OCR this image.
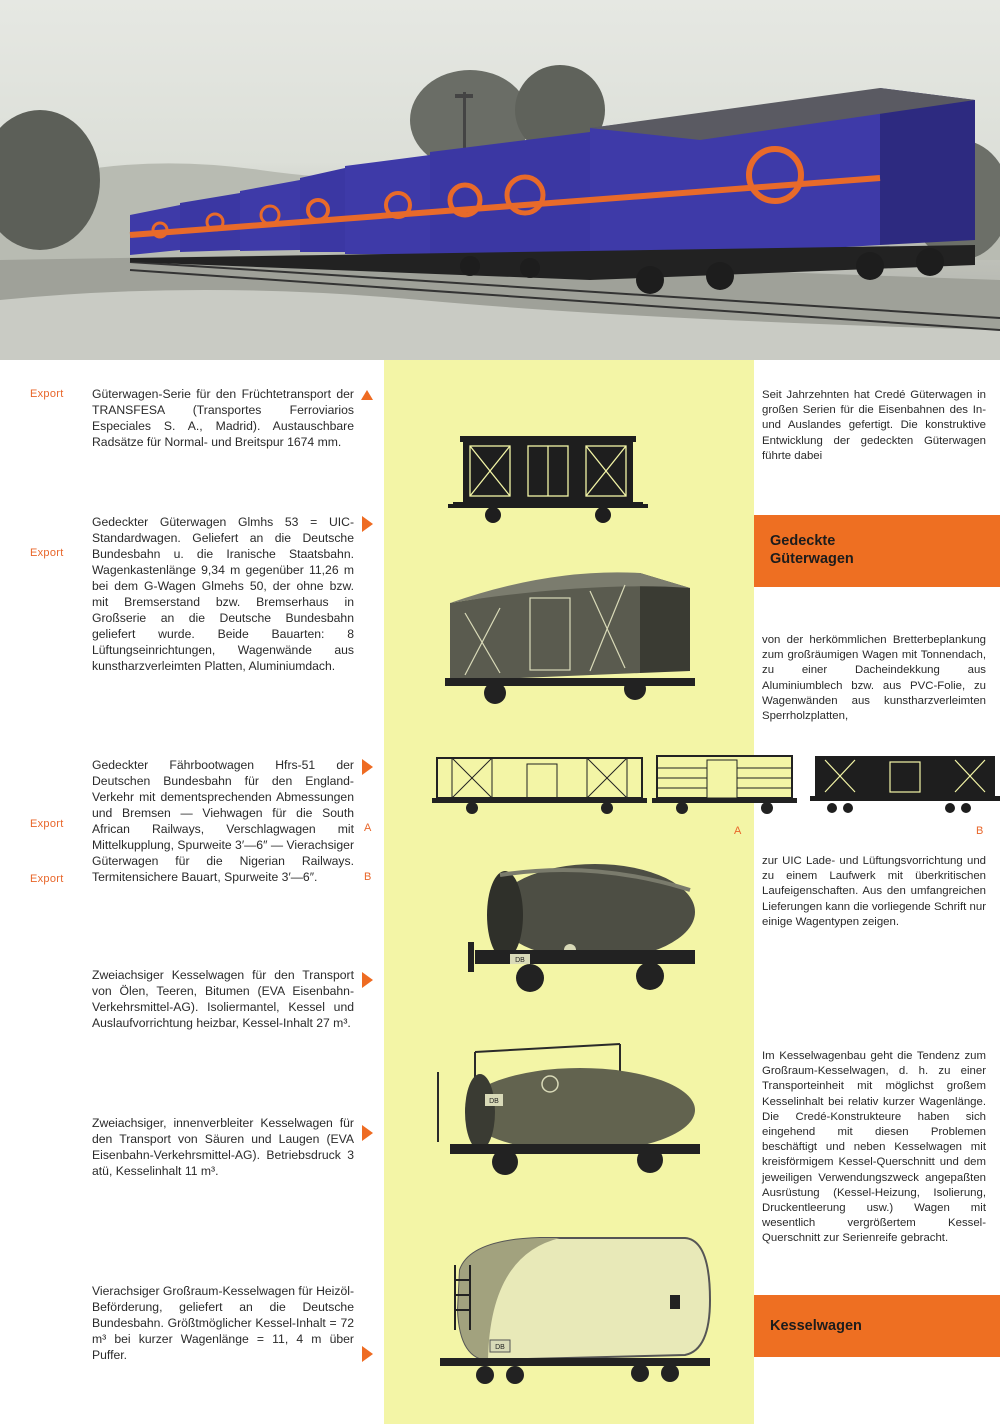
Export
Export
Export
Export
Güterwagen-Serie für den Früchtetransport der TRANSFESA (Transportes Ferroviarios Especiales S. A., Madrid). Austauschbare Radsätze für Normal- und Breitspur 1674 mm.
Gedeckter Güterwagen Glmhs 53 = UIC-Standardwagen. Geliefert an die Deutsche Bundesbahn u. die Iranische Staatsbahn. Wagenkastenlänge 9,34 m gegenüber 11,26 m bei dem G-Wagen Glmehs 50, der ohne bzw. mit Bremserstand bzw. Bremserhaus in Großserie an die Deutsche Bundesbahn geliefert wurde. Beide Bauarten: 8 Lüftungseinrichtungen, Wagenwände aus kunstharzverleimten Platten, Aluminiumdach.
Gedeckter Fährbootwagen Hfrs-51 der Deutschen Bundesbahn für den England-Verkehr mit dementsprechenden Abmessungen und Bremsen — Viehwagen für die South African Railways, Verschlagwagen mit Mittelkupplung, Spurweite 3′—6″ — Vierachsiger Güterwagen für die Nigerian Railways. Termitensichere Bauart, Spurweite 3′—6″.
Zweiachsiger Kesselwagen für den Transport von Ölen, Teeren, Bitumen (EVA Eisenbahn-Verkehrsmittel-AG). Isoliermantel, Kessel und Auslaufvorrichtung heizbar, Kessel-Inhalt 27 m³.
Zweiachsiger, innenverbleiter Kesselwagen für den Transport von Säuren und Laugen (EVA Eisenbahn-Verkehrsmittel-AG). Betriebsdruck 3 atü, Kesselinhalt 11 m³.
Vierachsiger Großraum-Kesselwagen für Heizöl-Beförderung, geliefert an die Deutsche Bundesbahn. Größtmöglicher Kessel-Inhalt = 72 m³ bei kurzer Wagenlänge = 11, 4 m über Puffer.
A
B
A	B
DB
DB
DB
Seit Jahrzehnten hat Credé Güterwagen in großen Serien für die Eisenbahnen des In- und Auslandes gefertigt. Die konstruktive Entwicklung der gedeckten Güterwagen führte dabei
von der herkömmlichen Bretterbeplankung zum großräumigen Wagen mit Tonnendach, zu einer Dacheindekkung aus Aluminiumblech bzw. aus PVC-Folie, zu Wagenwänden aus kunstharzverleimten Sperrholzplatten,
zur UIC Lade- und Lüftungsvorrichtung und zu einem Laufwerk mit überkritischen Laufeigenschaften. Aus den umfangreichen Lieferungen kann die vorliegende Schrift nur einige Wagentypen zeigen.
Im Kesselwagenbau geht die Tendenz zum Großraum-Kesselwagen, d. h. zu einer Transporteinheit mit möglichst großem Kesselinhalt bei relativ kurzer Wagenlänge. Die Credé-Konstrukteure haben sich eingehend mit diesen Problemen beschäftigt und neben Kesselwagen mit kreisförmigem Kessel-Querschnitt und dem jeweiligen Verwendungszweck angepaßten Ausrüstung (Kessel-Heizung, Isolierung, Druckentleerung usw.) Wagen mit wesentlich vergrößertem Kessel-Querschnitt zur Serienreife gebracht.
Gedeckte
Güterwagen
Kesselwagen
